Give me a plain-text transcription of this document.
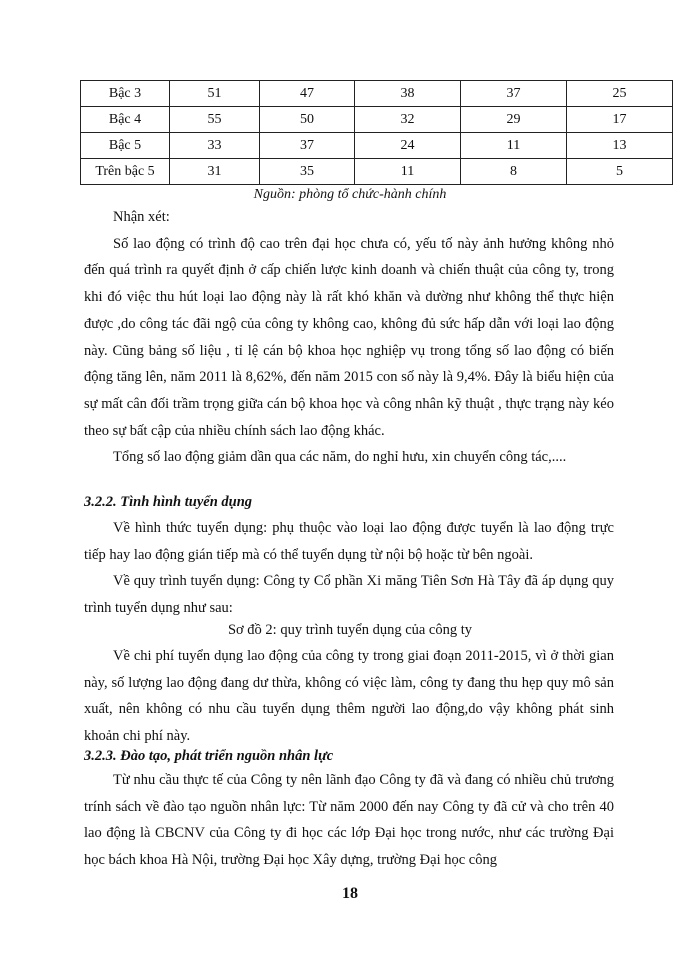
Bậc 3	51	47	38	37	25
Bậc 4	55	50	32	29	17
Bậc 5	33	37	24	11	13
Trên bậc 5	31	35	11	8	5
Nguồn: phòng tổ chức-hành chính

Nhận xét:

Số lao động có trình độ cao trên đại học chưa có, yếu tố này ảnh hưởng không nhỏ đến quá trình ra quyết định ở cấp chiến lược kinh doanh và chiến thuật của công ty, trong khi đó việc thu hút loại lao động này là rất khó khăn và dường như không thể thực hiện được ,do công tác đãi ngộ của công ty không cao, không đủ sức hấp dẫn với loại lao động này. Cũng bảng số liệu , tỉ lệ cán bộ khoa học nghiệp vụ trong tổng số lao động có biến động tăng lên, năm 2011 là 8,62%, đến năm 2015 con số này là 9,4%. Đây là biểu hiện của sự mất cân đối trầm trọng giữa cán bộ khoa học và công nhân kỹ thuật , thực trạng này kéo theo sự bất cập của nhiều chính sách lao động khác.

Tổng số lao động giảm dần qua các năm, do nghỉ hưu, xin chuyển công tác,....

3.2.2. Tình hình tuyển dụng

Về hình thức tuyển dụng: phụ thuộc vào loại lao động được tuyển là lao động trực tiếp hay lao động gián tiếp mà có thể tuyển dụng từ nội bộ hoặc từ bên ngoài.

Về quy trình tuyển dụng: Công ty Cổ phần Xi măng Tiên Sơn Hà Tây đã áp dụng quy trình tuyển dụng như sau:

Sơ đồ 2: quy trình tuyển dụng của công ty

Về chi phí tuyển dụng lao động của công ty trong giai đoạn 2011-2015, vì ở thời gian này, số lượng lao động đang dư thừa, không có việc làm, công ty đang thu hẹp quy mô sản xuất, nên không có nhu cầu tuyển dụng thêm người lao động,do vậy không phát sinh khoản chi phí này.

3.2.3. Đào tạo, phát triển nguồn nhân lực

Từ nhu cầu thực tế của Công ty nên lãnh đạo Công ty đã và đang có nhiều chủ trương trính sách về đào tạo nguồn nhân lực: Từ năm 2000 đến nay Công ty đã cử và cho trên 40 lao động là CBCNV của Công ty đi học các lớp Đại học trong nước, như các trường Đại học bách khoa Hà Nội, trường Đại học Xây dựng, trường Đại học công

18
